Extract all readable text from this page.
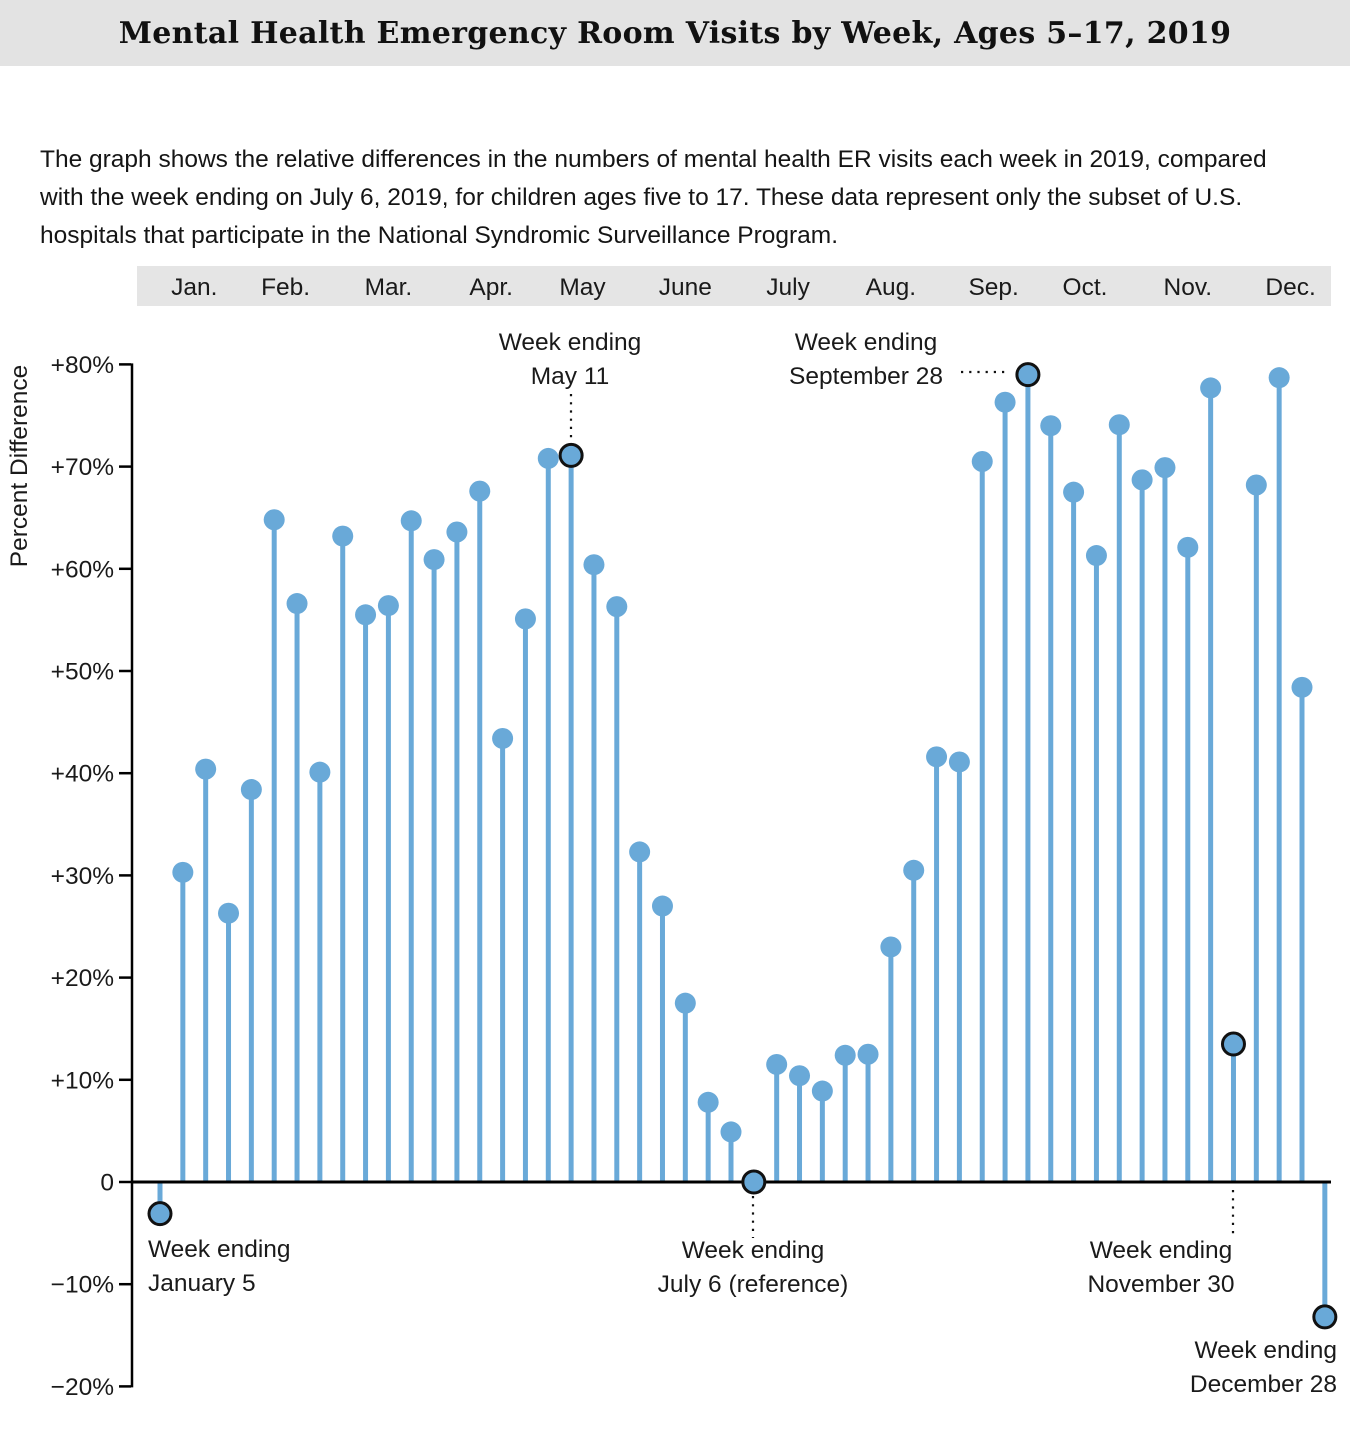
Mental Health Emergency Room Visits by Week, Ages 5–17, 2019

The graph shows the relative differences in the numbers of mental health ER visits each week in 2019, compared with the week ending on July 6, 2019, for children ages five to 17. These data represent only the subset of U.S. hospitals that participate in the National Syndromic Surveillance Program.

Jan. Feb. Mar. Apr. May June July Aug. Sep. Oct. Nov. Dec.
+80%
+70%
+60%
+50%
+40%
+30%
+20%
+10%
0
−10%
−20%
Percent Difference
Week ending
May 11
Week ending
September 28
Week ending
January 5
Week ending
July 6 (reference)
Week ending
November 30
Week ending
December 28
